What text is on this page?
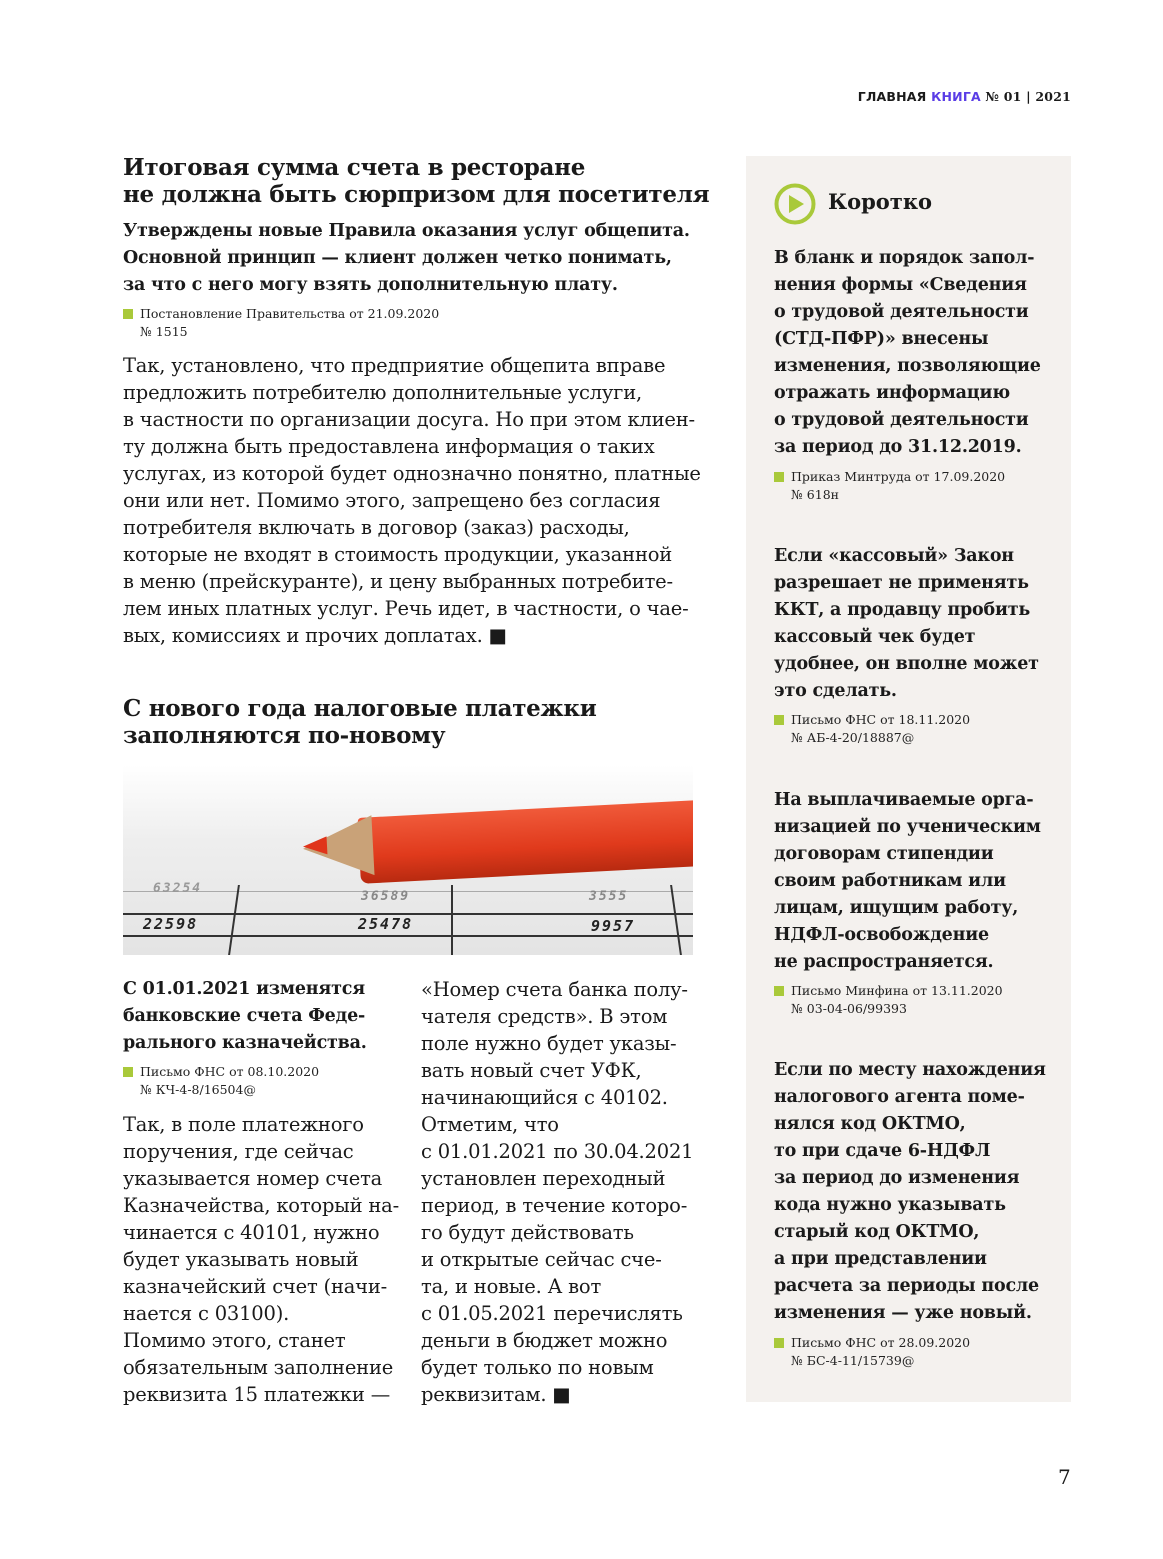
ГЛАВНАЯ КНИГА № 01 | 2021
Итоговая сумма счета в ресторане
не должна быть сюрпризом для посетителя
Утверждены новые Правила оказания услуг общепита.
Основной принцип — клиент должен четко понимать,
за что с него могу взять дополнительную плату.
Постановление Правительства от 21.09.2020
№ 1515
Так, установлено, что предприятие общепита вправе
предложить потребителю дополнительные услуги,
в частности по организации досуга. Но при этом клиен-
ту должна быть предоставлена информация о таких
услугах, из которой будет однозначно понятно, платные
они или нет. Помимо этого, запрещено без согласия
потребителя включать в договор (заказ) расходы,
которые не входят в стоимость продукции, указанной
в меню (прейскуранте), и цену выбранных потребите-
лем иных платных услуг. Речь идет, в частности, о чае-
вых, комиссиях и прочих доплатах. ■
С нового года налоговые платежки
заполняются по-новому
22598	25478	9957
63254
36589	3555
С 01.01.2021 изменятся
банковские счета Феде-
рального казначейства.
Письмо ФНС от 08.10.2020
№ КЧ-4-8/16504@
Так, в поле платежного
поручения, где сейчас
указывается номер счета
Казначейства, который на-
чинается с 40101, нужно
будет указывать новый
казначейский счет (начи-
нается с 03100).
Помимо этого, станет
обязательным заполнение
реквизита 15 платежки —
«Номер счета банка полу-
чателя средств». В этом
поле нужно будет указы-
вать новый счет УФК,
начинающийся с 40102.
Отметим, что
с 01.01.2021 по 30.04.2021
установлен переходный
период, в течение которо-
го будут действовать
и открытые сейчас сче-
та, и новые. А вот
с 01.05.2021 перечислять
деньги в бюджет можно
будет только по новым
реквизитам. ■
Коротко
В бланк и порядок запол-
нения формы «Сведения
о трудовой деятельности
(СТД-ПФР)» внесены
изменения, позволяющие
отражать информацию
о трудовой деятельности
за период до 31.12.2019.
Приказ Минтруда от 17.09.2020
№ 618н
Если «кассовый» Закон
разрешает не применять
ККТ, а продавцу пробить
кассовый чек будет
удобнее, он вполне может
это сделать.
Письмо ФНС от 18.11.2020
№ АБ-4-20/18887@
На выплачиваемые орга-
низацией по ученическим
договорам стипендии
своим работникам или
лицам, ищущим работу,
НДФЛ-освобождение
не распространяется.
Письмо Минфина от 13.11.2020
№ 03-04-06/99393
Если по месту нахождения
налогового агента поме-
нялся код ОКТМО,
то при сдаче 6-НДФЛ
за период до изменения
кода нужно указывать
старый код ОКТМО,
а при представлении
расчета за периоды после
изменения — уже новый.
Письмо ФНС от 28.09.2020
№ БС-4-11/15739@
7
